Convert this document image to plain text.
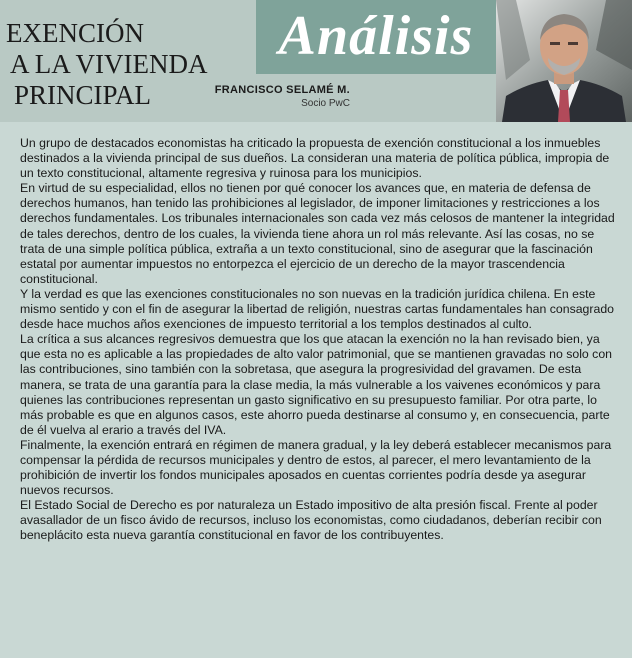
EXENCIÓN
A LA VIVIENDA
PRINCIPAL
Análisis
FRANCISCO SELAMÉ M.
Socio PwC

Un grupo de destacados economistas ha criticado la propuesta de exención constitucional a los inmuebles destinados a la vivienda principal de sus dueños. La consideran una materia de política pública, impropia de un texto constitucional, altamente regresiva y ruinosa para los municipios.

En virtud de su especialidad, ellos no tienen por qué conocer los avances que, en materia de defensa de derechos humanos, han tenido las prohibiciones al legislador, de imponer limitaciones y restricciones a los derechos fundamentales. Los tribunales internacionales son cada vez más celosos de mantener la integridad de tales derechos, dentro de los cuales, la vivienda tiene ahora un rol más relevante. Así las cosas, no se trata de una simple política pública, extraña a un texto constitucional, sino de asegurar que la fascinación estatal por aumentar impuestos no entorpezca el ejercicio de un derecho de la mayor trascendencia constitucional.

Y la verdad es que las exenciones constitucionales no son nuevas en la tradición jurídica chilena. En este mismo sentido y con el fin de asegurar la libertad de religión, nuestras cartas fundamentales han consagrado desde hace muchos años exenciones de impuesto territorial a los templos destinados al culto.

La crítica a sus alcances regresivos demuestra que los que atacan la exención no la han revisado bien, ya que esta no es aplicable a las propiedades de alto valor patrimonial, que se mantienen gravadas no solo con las contribuciones, sino también con la sobretasa, que asegura la progresividad del gravamen. De esta manera, se trata de una garantía para la clase media, la más vulnerable a los vaivenes económicos y para quienes las contribuciones representan un gasto significativo en su presupuesto familiar. Por otra parte, lo más probable es que en algunos casos, este ahorro pueda destinarse al consumo y, en consecuencia, parte de él vuelva al erario a través del IVA.

Finalmente, la exención entrará en régimen de manera gradual, y la ley deberá establecer mecanismos para compensar la pérdida de recursos municipales y dentro de estos, al parecer, el mero levantamiento de la prohibición de invertir los fondos municipales aposados en cuentas corrientes podría desde ya asegurar nuevos recursos.

El Estado Social de Derecho es por naturaleza un Estado impositivo de alta presión fiscal. Frente al poder avasallador de un fisco ávido de recursos, incluso los economistas, como ciudadanos, deberían recibir con beneplácito esta nueva garantía constitucional en favor de los contribuyentes.
